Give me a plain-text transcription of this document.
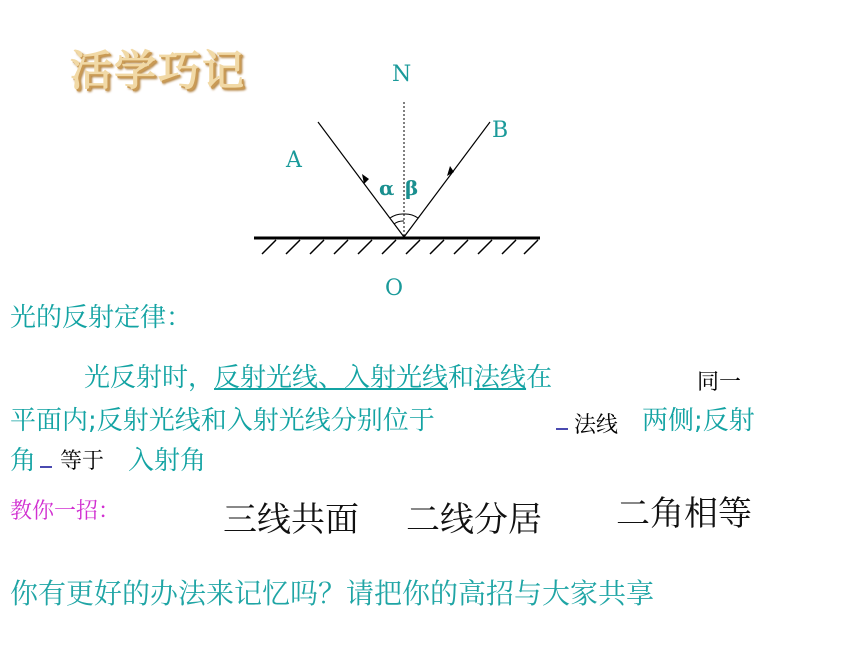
活学巧记	N
A
B
O
α β
光的反射定律：
光反射时，反射光线、入射光线和法线在	同一
平面内;反射光线和入射光线分别位于	法线 两侧;反射
角 等于 入射角
教你一招：	三线共面 二线分居 二角相等
你有更好的办法来记忆吗？请把你的高招与大家共享
